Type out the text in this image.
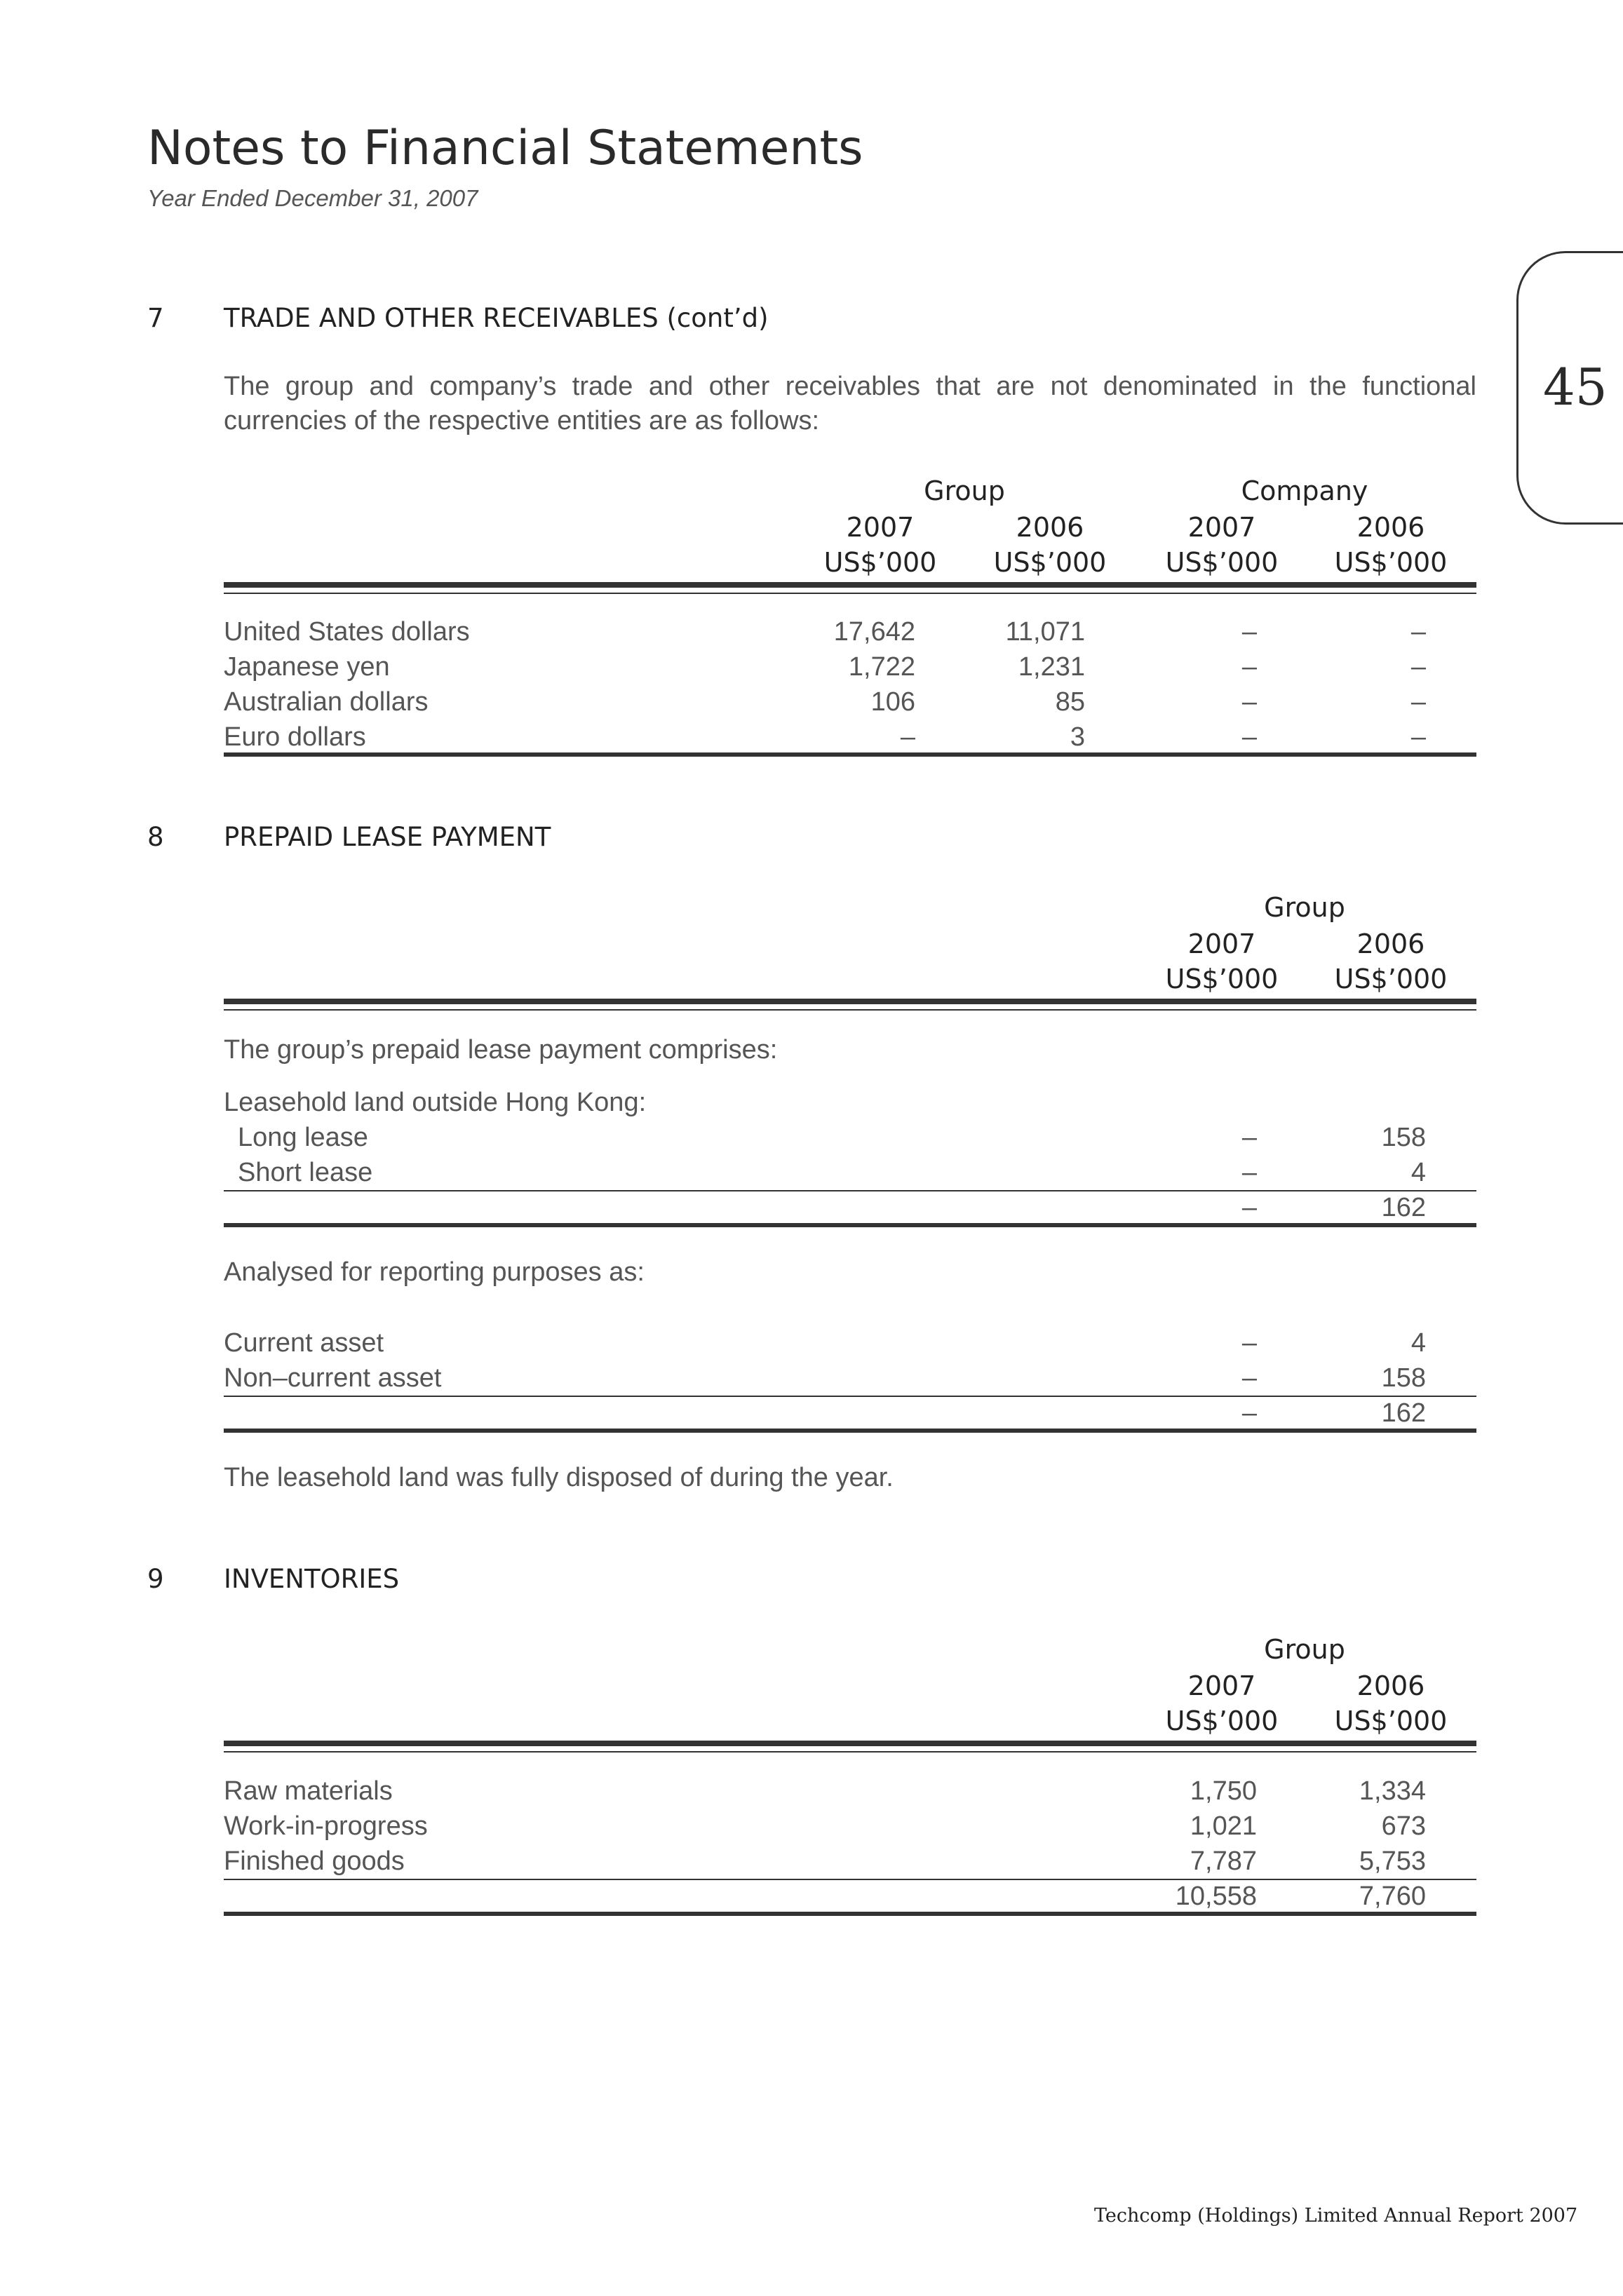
Notes to Financial Statements
Year Ended December 31, 2007
45
7 TRADE AND OTHER RECEIVABLES (cont’d)
The group and company’s trade and other receivables that are not denominated in the functional currencies of the respective entities are as follows:
Group	Company
2007	2006	2007	2006
US$’000	US$’000	US$’000	US$’000
United States dollars	17,642	11,071	–	–
Japanese yen	1,722	1,231	–	–
Australian dollars	106	85	–	–
Euro dollars	–	3	–	–
8 PREPAID LEASE PAYMENT
Group
2007	2006
US$’000	US$’000
The group’s prepaid lease payment comprises:
Leasehold land outside Hong Kong:
Long lease	–	158
Short lease	–	4
–	162
Analysed for reporting purposes as:
Current asset	–	4
Non–current asset	–	158
–	162
The leasehold land was fully disposed of during the year.
9 INVENTORIES
Group
2007	2006
US$’000	US$’000
Raw materials	1,750	1,334
Work-in-progress	1,021	673
Finished goods	7,787	5,753
10,558	7,760
Techcomp (Holdings) Limited Annual Report 2007
